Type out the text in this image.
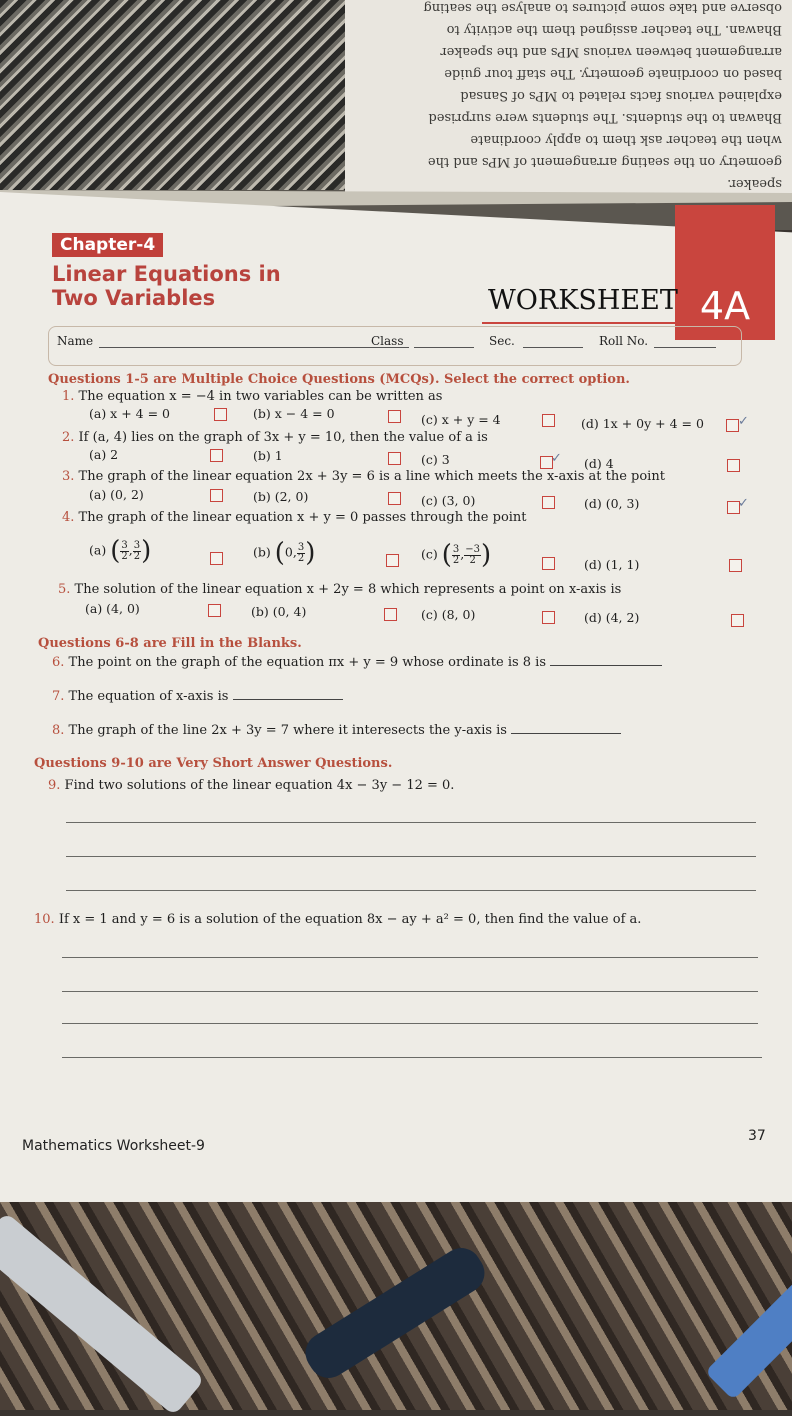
speaker.
geometry on the seating arrangement of MPs and the
when the teacher ask them to apply coordinate
Bhawan to the students. The students were surprised
explained various facts related to MPs of Sansad
based on coordinate geometry. The staff tour guide
arrangement between various MPs and the speaker
Bhawan. The teacher assigned them the activity to
observe and take some pictures to analyse the seating
4A
Chapter-4
Linear Equations in
Two Variables	WORKSHEET
Name	Class	Sec.	Roll No.
Questions 1-5 are Multiple Choice Questions (MCQs). Select the correct option.
1. The equation x = −4 in two variables can be written as
(a) x + 4 = 0	(b) x − 4 = 0	(c) x + y = 4	(d) 1x + 0y + 4 = 0	✓
2. If (a, 4) lies on the graph of 3x + y = 10, then the value of a is
(a) 2	(b) 1	(c) 3	✓ (d) 4
3. The graph of the linear equation 2x + 3y = 6 is a line which meets the x-axis at the point
(a) (0, 2)	(b) (2, 0)	(c) (3, 0)	(d) (0, 3)	✓
4. The graph of the linear equation x + y = 0 passes through the point
(a) ( $\frac{3}{2}$ , $\frac{3}{2}$ )	(b) (0, $\frac{3}{2}$ )	(c) ( $\frac{3}{2}$ , $\frac{-3}{2}$ )	(d) (1, 1)
5. The solution of the linear equation x + 2y = 8 which represents a point on x-axis is
(a) (4, 0)	(b) (0, 4)	(c) (8, 0)	(d) (4, 2)
Questions 6-8 are Fill in the Blanks.
6. The point on the graph of the equation πx + y = 9 whose ordinate is 8 is
7. The equation of x-axis is
8. The graph of the line 2x + 3y = 7 where it interesects the y-axis is
Questions 9-10 are Very Short Answer Questions.
9. Find two solutions of the linear equation 4x − 3y − 12 = 0.
10. If x = 1 and y = 6 is a solution of the equation 8x − ay + a² = 0, then find the value of a.
Mathematics Worksheet-9
37
